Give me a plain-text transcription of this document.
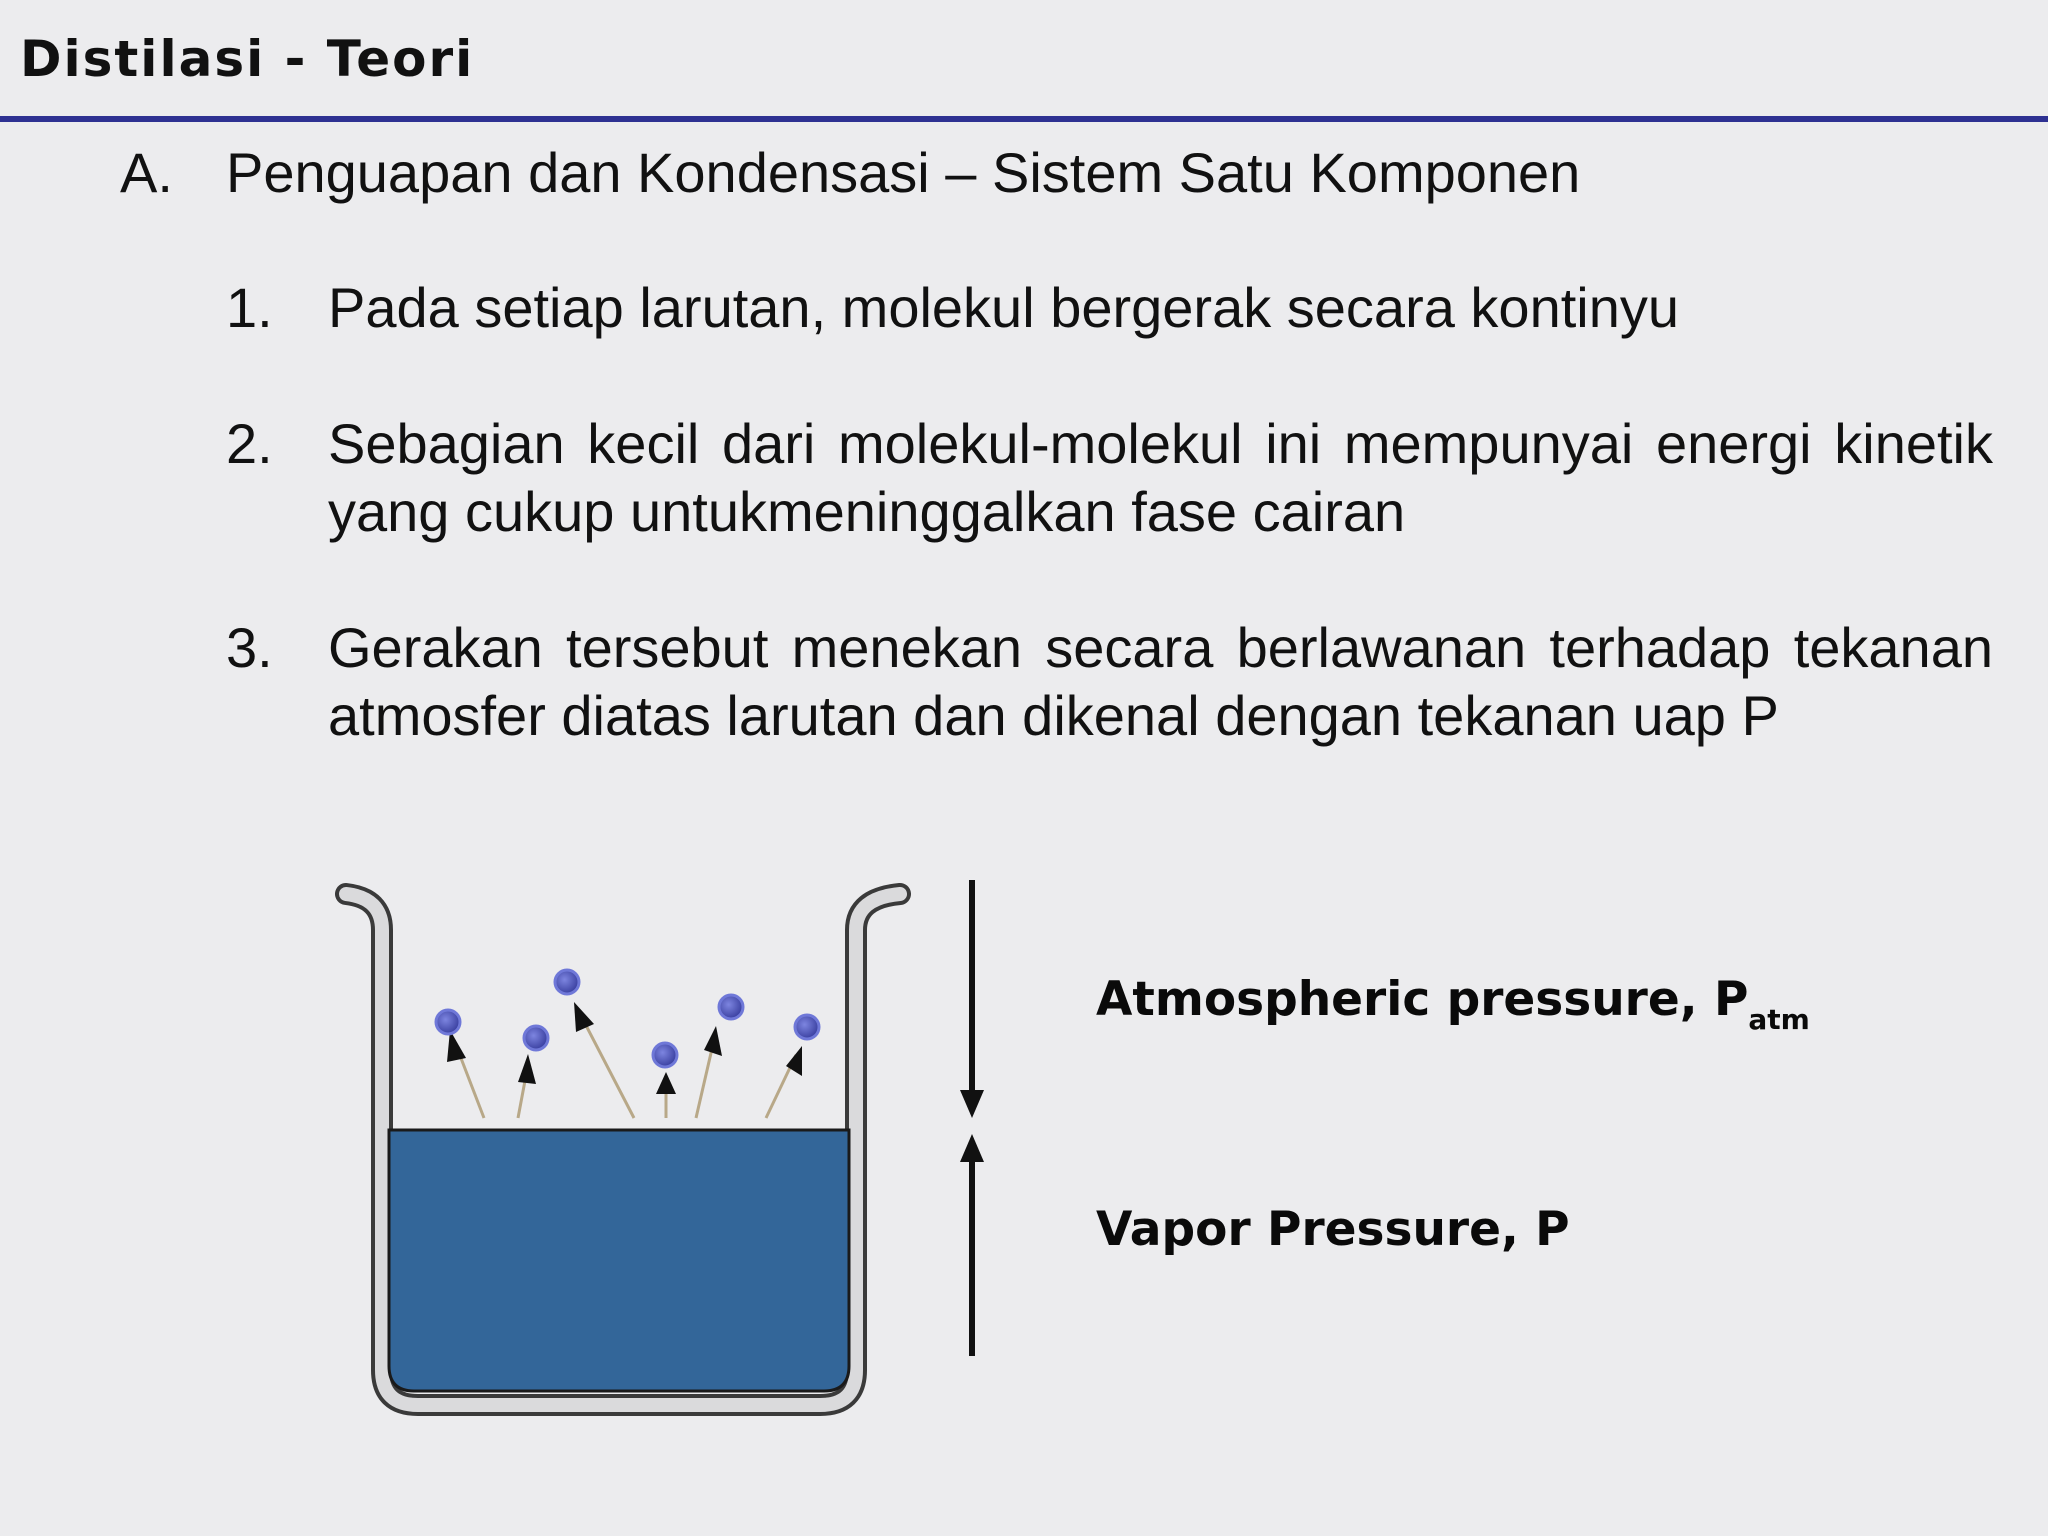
Distilasi - Teori
A. Penguapan dan Kondensasi – Sistem Satu Komponen
1. Pada setiap larutan, molekul bergerak secara kontinyu
2. Sebagian kecil dari molekul-molekul ini mempunyai energi kinetik yang cukup untukmeninggalkan fase cairan
3. Gerakan tersebut menekan secara berlawanan terhadap tekanan atmosfer diatas larutan dan dikenal dengan tekanan uap P
Atmospheric pressure, $P_{atm}$
Vapor Pressure, P
